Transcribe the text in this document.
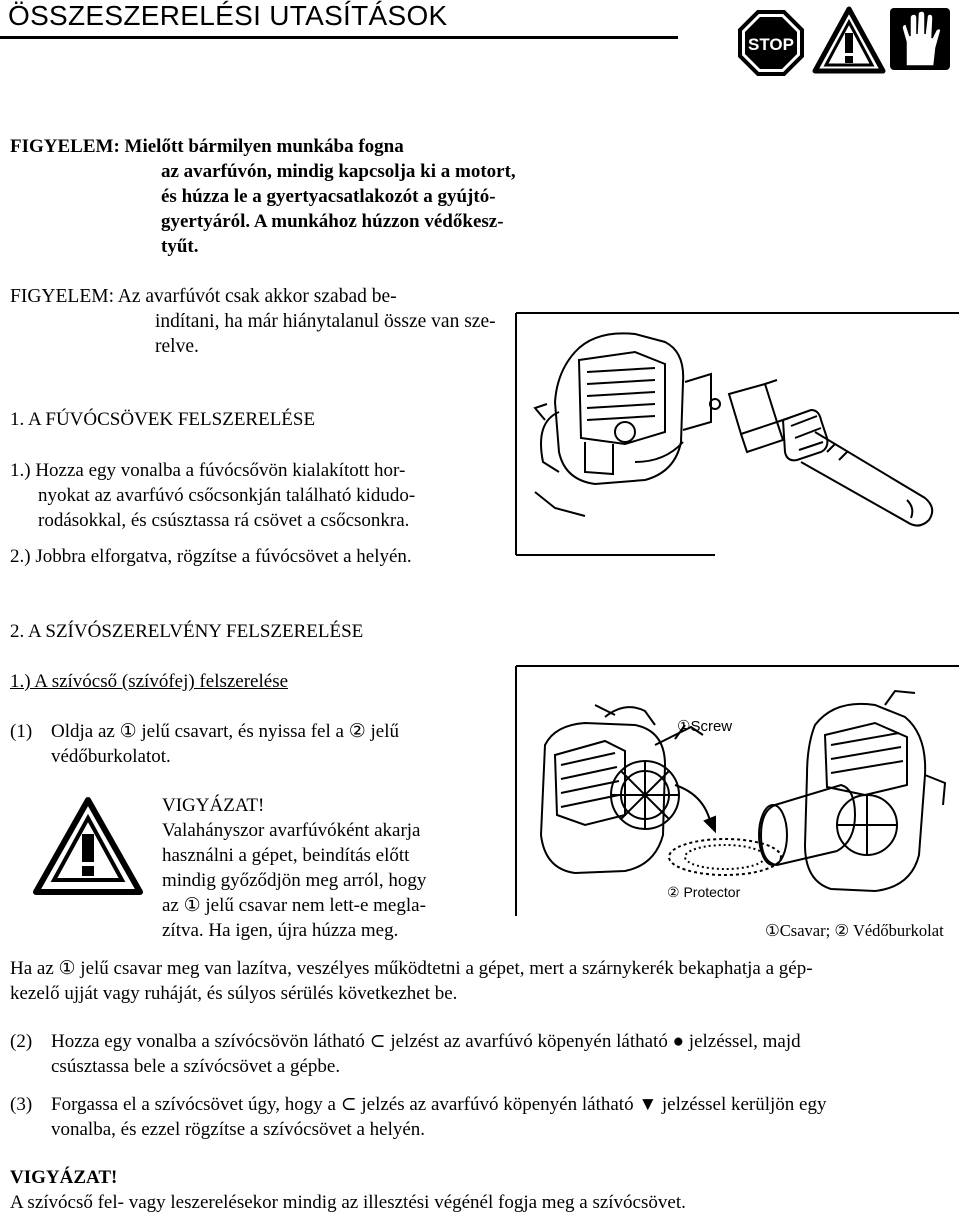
ÖSSZESZERELÉSI UTASÍTÁSOK
STOP
FIGYELEM: Mielőtt bármilyen munkába fogna
az avarfúvón, mindig kapcsolja ki a motort,
és húzza le a gyertyacsatlakozót a gyújtó-
gyertyáról. A munkához húzzon védőkesz-
tyűt.
FIGYELEM: Az avarfúvót csak akkor szabad be-
indítani, ha már hiánytalanul össze van sze-
relve.
1. A FÚVÓCSÖVEK FELSZERELÉSE
1.) Hozza egy vonalba a fúvócsővön kialakított hor-
nyokat az avarfúvó csőcsonkján található kidudo-
rodásokkal, és csúsztassa rá csövet a csőcsonkra.
2.) Jobbra elforgatva, rögzítse a fúvócsövet a helyén.
2. A SZÍVÓSZERELVÉNY FELSZERELÉSE
1.) A szívócső (szívófej) felszerelése
(1) Oldja az ① jelű csavart, és nyissa fel a ② jelű
védőburkolatot.
VIGYÁZAT!
Valahányszor avarfúvóként akarja
használni a gépet, beindítás előtt
mindig győződjön meg arról, hogy
az ① jelű csavar nem lett-e megla-
zítva. Ha igen, újra húzza meg.
①Screw
② Protector
①Csavar; ② Védőburkolat
Ha az ① jelű csavar meg van lazítva, veszélyes működtetni a gépet, mert a szárnykerék bekaphatja a gép-
kezelő ujját vagy ruháját, és súlyos sérülés következhet be.
(2) Hozza egy vonalba a szívócsövön látható ⊂ jelzést az avarfúvó köpenyén látható ● jelzéssel, majd
csúsztassa bele a szívócsövet a gépbe.
(3) Forgassa el a szívócsövet úgy, hogy a ⊂ jelzés az avarfúvó köpenyén látható ▼ jelzéssel kerüljön egy
vonalba, és ezzel rögzítse a szívócsövet a helyén.
VIGYÁZAT!
A szívócső fel- vagy leszerelésekor mindig az illesztési végénél fogja meg a szívócsövet.
